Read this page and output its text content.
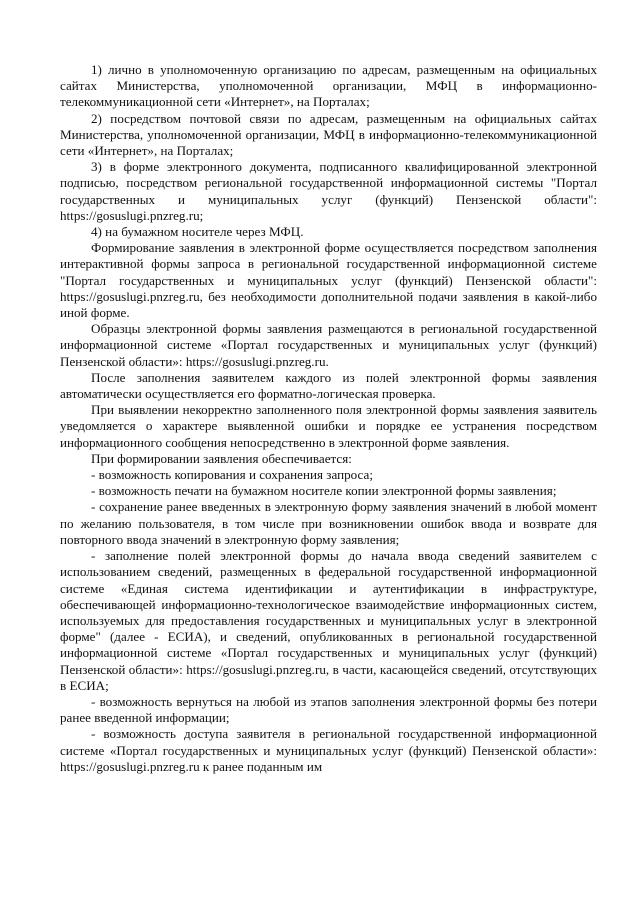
1) лично в уполномоченную организацию по адресам, размещенным на официальных сайтах Министерства, уполномоченной организации, МФЦ в информационно-телекоммуникационной сети «Интернет», на Порталах;

2) посредством почтовой связи по адресам, размещенным на официальных сайтах Министерства, уполномоченной организации, МФЦ в информационно-телекоммуникационной сети «Интернет», на Порталах;

3) в форме электронного документа, подписанного квалифицированной электронной подписью, посредством региональной государственной информационной системы "Портал государственных и муниципальных услуг (функций) Пензенской области": https://gosuslugi.pnzreg.ru;

4) на бумажном носителе через МФЦ.

Формирование заявления в электронной форме осуществляется посредством заполнения интерактивной формы запроса в региональной государственной информационной системе "Портал государственных и муниципальных услуг (функций) Пензенской области": https://gosuslugi.pnzreg.ru, без необходимости дополнительной подачи заявления в какой-либо иной форме.

Образцы электронной формы заявления размещаются в региональной государственной информационной системе «Портал государственных и муниципальных услуг (функций) Пензенской области»: https://gosuslugi.pnzreg.ru.

После заполнения заявителем каждого из полей электронной формы заявления автоматически осуществляется его форматно-логическая проверка.

При выявлении некорректно заполненного поля электронной формы заявления заявитель уведомляется о характере выявленной ошибки и порядке ее устранения посредством информационного сообщения непосредственно в электронной форме заявления.

При формировании заявления обеспечивается:

- возможность копирования и сохранения запроса;

- возможность печати на бумажном носителе копии электронной формы заявления;

- сохранение ранее введенных в электронную форму заявления значений в любой момент по желанию пользователя, в том числе при возникновении ошибок ввода и возврате для повторного ввода значений в электронную форму заявления;

- заполнение полей электронной формы до начала ввода сведений заявителем с использованием сведений, размещенных в федеральной государственной информационной системе «Единая система идентификации и аутентификации в инфраструктуре, обеспечивающей информационно-технологическое взаимодействие информационных систем, используемых для предоставления государственных и муниципальных услуг в электронной форме" (далее - ЕСИА), и сведений, опубликованных в региональной государственной информационной системе «Портал государственных и муниципальных услуг (функций) Пензенской области»: https://gosuslugi.pnzreg.ru, в части, касающейся сведений, отсутствующих в ЕСИА;

- возможность вернуться на любой из этапов заполнения электронной формы без потери ранее введенной информации;

- возможность доступа заявителя в региональной государственной информационной системе «Портал государственных и муниципальных услуг (функций) Пензенской области»: https://gosuslugi.pnzreg.ru к ранее поданным им
